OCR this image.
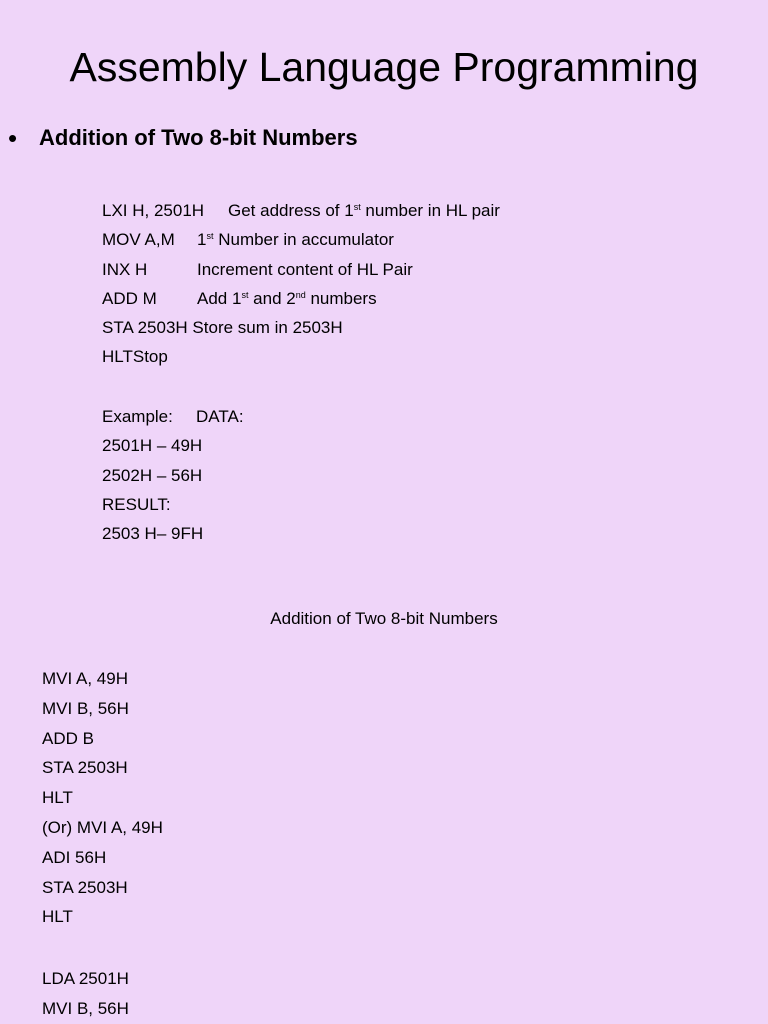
Assembly Language Programming
• Addition of Two 8-bit Numbers
LXI H, 2501H Get address of 1st number in HL pair
MOV A,M 1st Number in accumulator
INX H	Increment content of HL Pair
ADD M Add 1st and 2nd numbers
STA 2503H Store sum in 2503H
HLTStop
Example: DATA:
2501H – 49H
2502H – 56H
RESULT:
2503 H– 9FH
Addition of Two 8-bit Numbers
MVI A, 49H
MVI B, 56H
ADD B
STA 2503H
HLT
(Or) MVI A, 49H
ADI 56H
STA 2503H
HLT
LDA 2501H
MVI B, 56H
